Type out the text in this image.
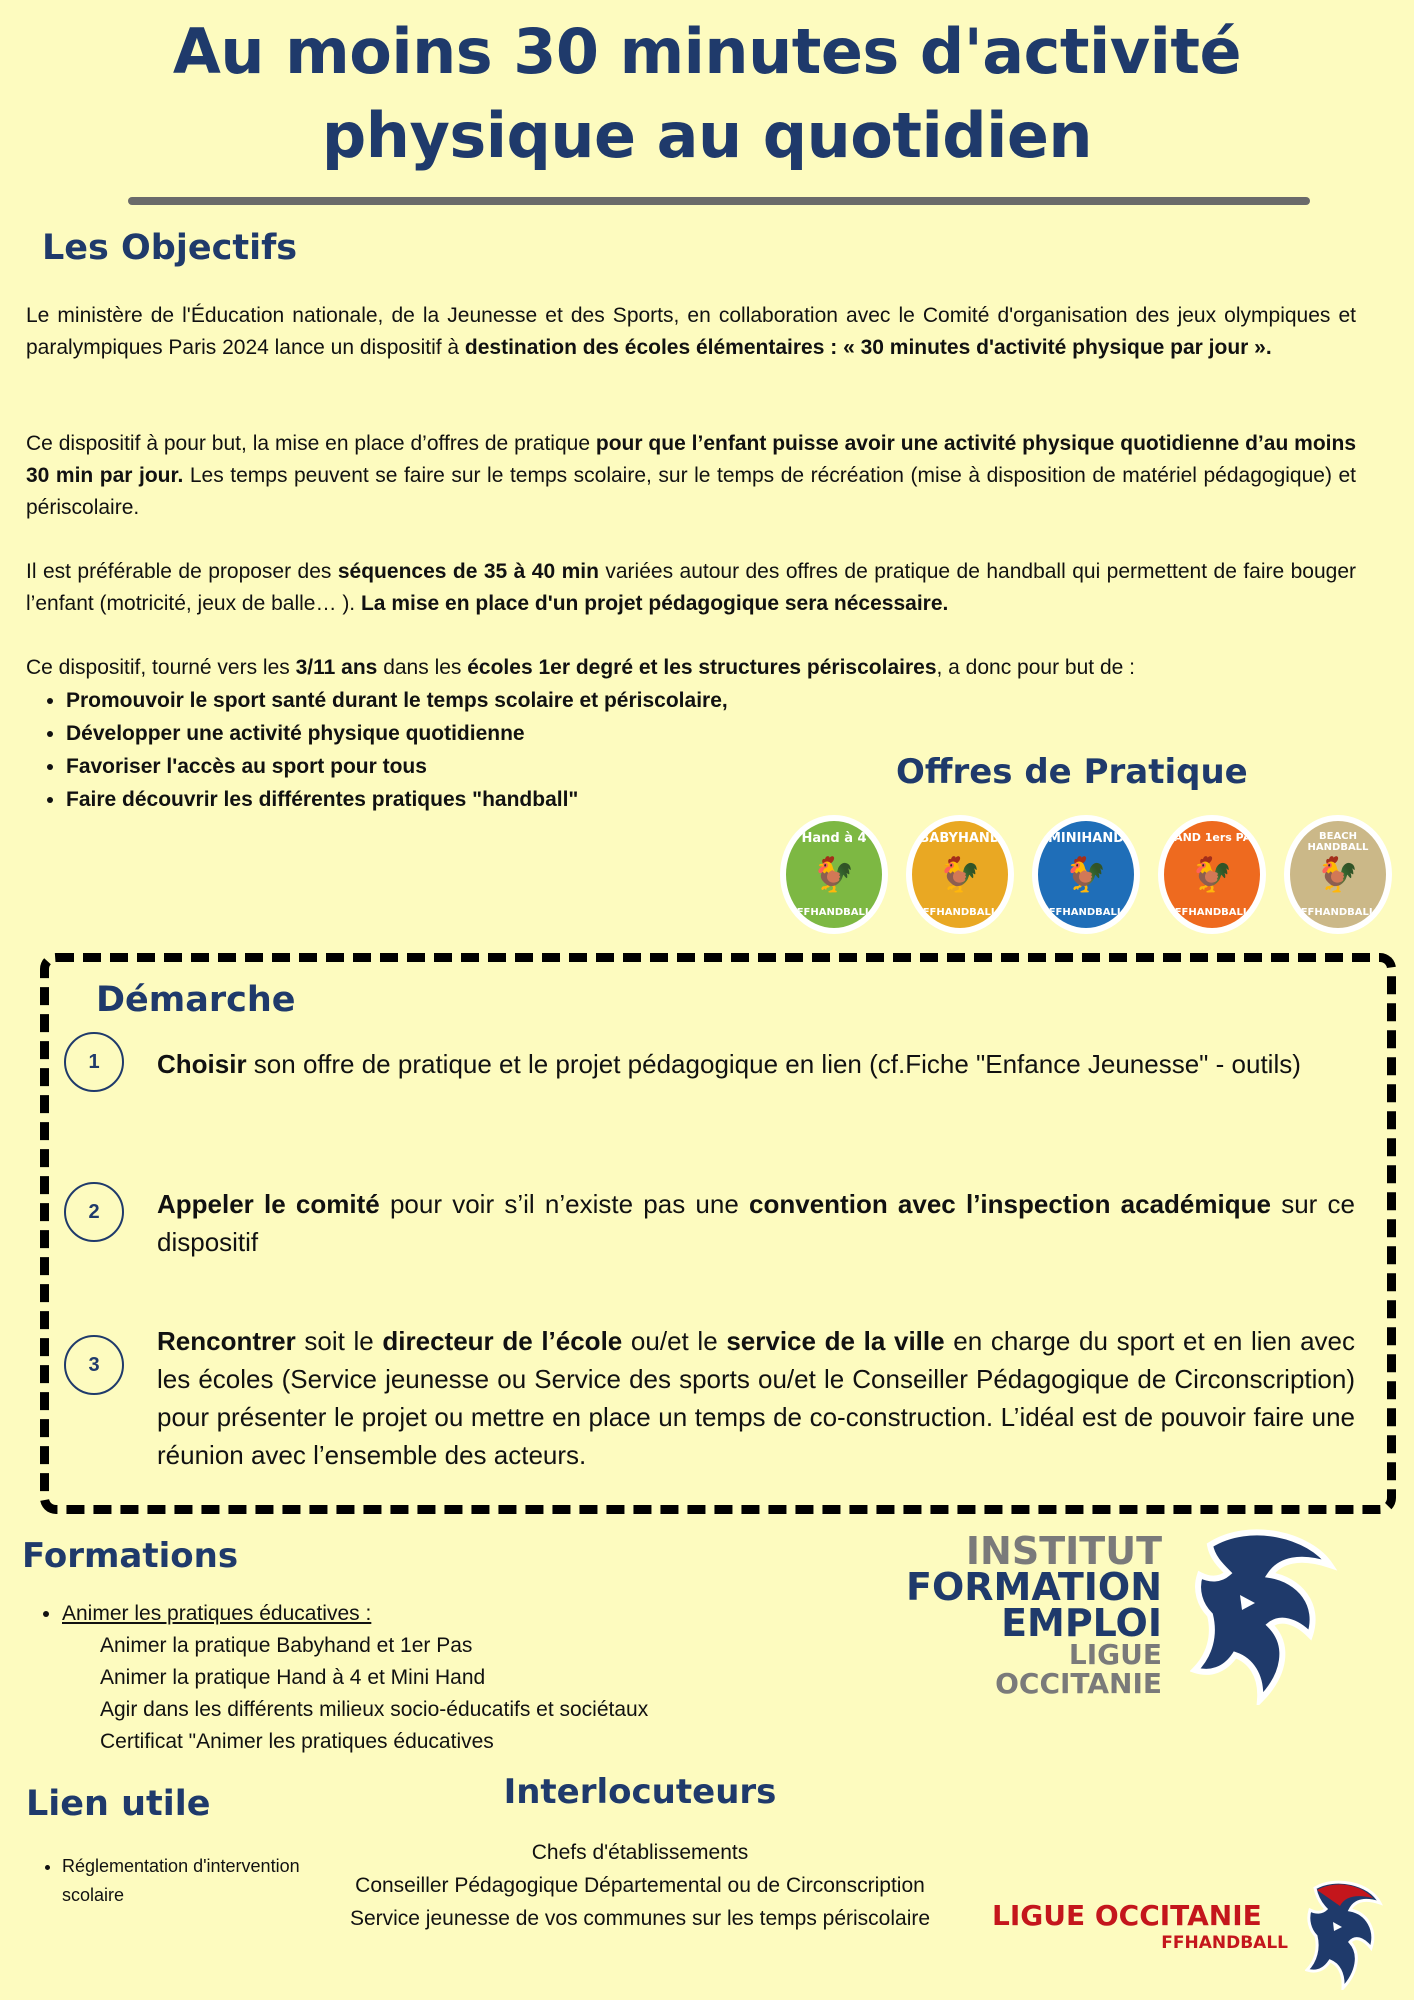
Au moins 30 minutes d'activité
physique au quotidien
Les Objectifs

Le ministère de l'Éducation nationale, de la Jeunesse et des Sports, en collaboration avec le Comité d'organisation des jeux olympiques et paralympiques Paris 2024 lance un dispositif à destination des écoles élémentaires : « 30 minutes d'activité physique par jour ».

Ce dispositif à pour but, la mise en place d’offres de pratique pour que l’enfant puisse avoir une activité physique quotidienne d’au moins 30 min par jour. Les temps peuvent se faire sur le temps scolaire, sur le temps de récréation (mise à disposition de matériel pédagogique) et périscolaire.

Il est préférable de proposer des séquences de 35 à 40 min variées autour des offres de pratique de handball qui permettent de faire bouger l’enfant (motricité, jeux de balle… ). La mise en place d'un projet pédagogique sera nécessaire.

Ce dispositif, tourné vers les 3/11 ans dans les écoles 1er degré et les structures périscolaires, a donc pour but de :

• Promouvoir le sport santé durant le temps scolaire et périscolaire,
• Développer une activité physique quotidienne
• Favoriser l'accès au sport pour tous
• Faire découvrir les différentes pratiques "handball"
Offres de Pratique
Hand à 4
🐓
FFHANDBALL
BABYHAND
🐓
FFHANDBALL
MINIHAND
🐓
FFHANDBALL
HAND 1ers PAS
🐓
FFHANDBALL
BEACH HANDBALL
🐓
FFHANDBALL
Démarche
1	Choisir son offre de pratique et le projet pédagogique en lien (cf.Fiche "Enfance Jeunesse" - outils)

2	Appeler le comité pour voir s’il n’existe pas une convention avec l’inspection académique sur ce dispositif

3

Rencontrer soit le directeur de l’école ou/et le service de la ville en charge du sport et en lien avec les écoles (Service jeunesse ou Service des sports ou/et le Conseiller Pédagogique de Circonscription) pour présenter le projet ou mettre en place un temps de co-construction. L’idéal est de pouvoir faire une réunion avec l’ensemble des acteurs.

Formations
• Animer les pratiques éducatives :
Animer la pratique Babyhand et 1er Pas
Animer la pratique Hand à 4 et Mini Hand
Agir dans les différents milieux socio-éducatifs et sociétaux
Certificat "Animer les pratiques éducatives
INSTITUT
FORMATION
EMPLOI
LIGUE
OCCITANIE
Lien utile
• Réglementation d'intervention scolaire
Interlocuteurs
Chefs d'établissements
Conseiller Pédagogique Départemental ou de Circonscription
Service jeunesse de vos communes sur les temps périscolaire	LIGUE OCCITANIE
FFHANDBALL
